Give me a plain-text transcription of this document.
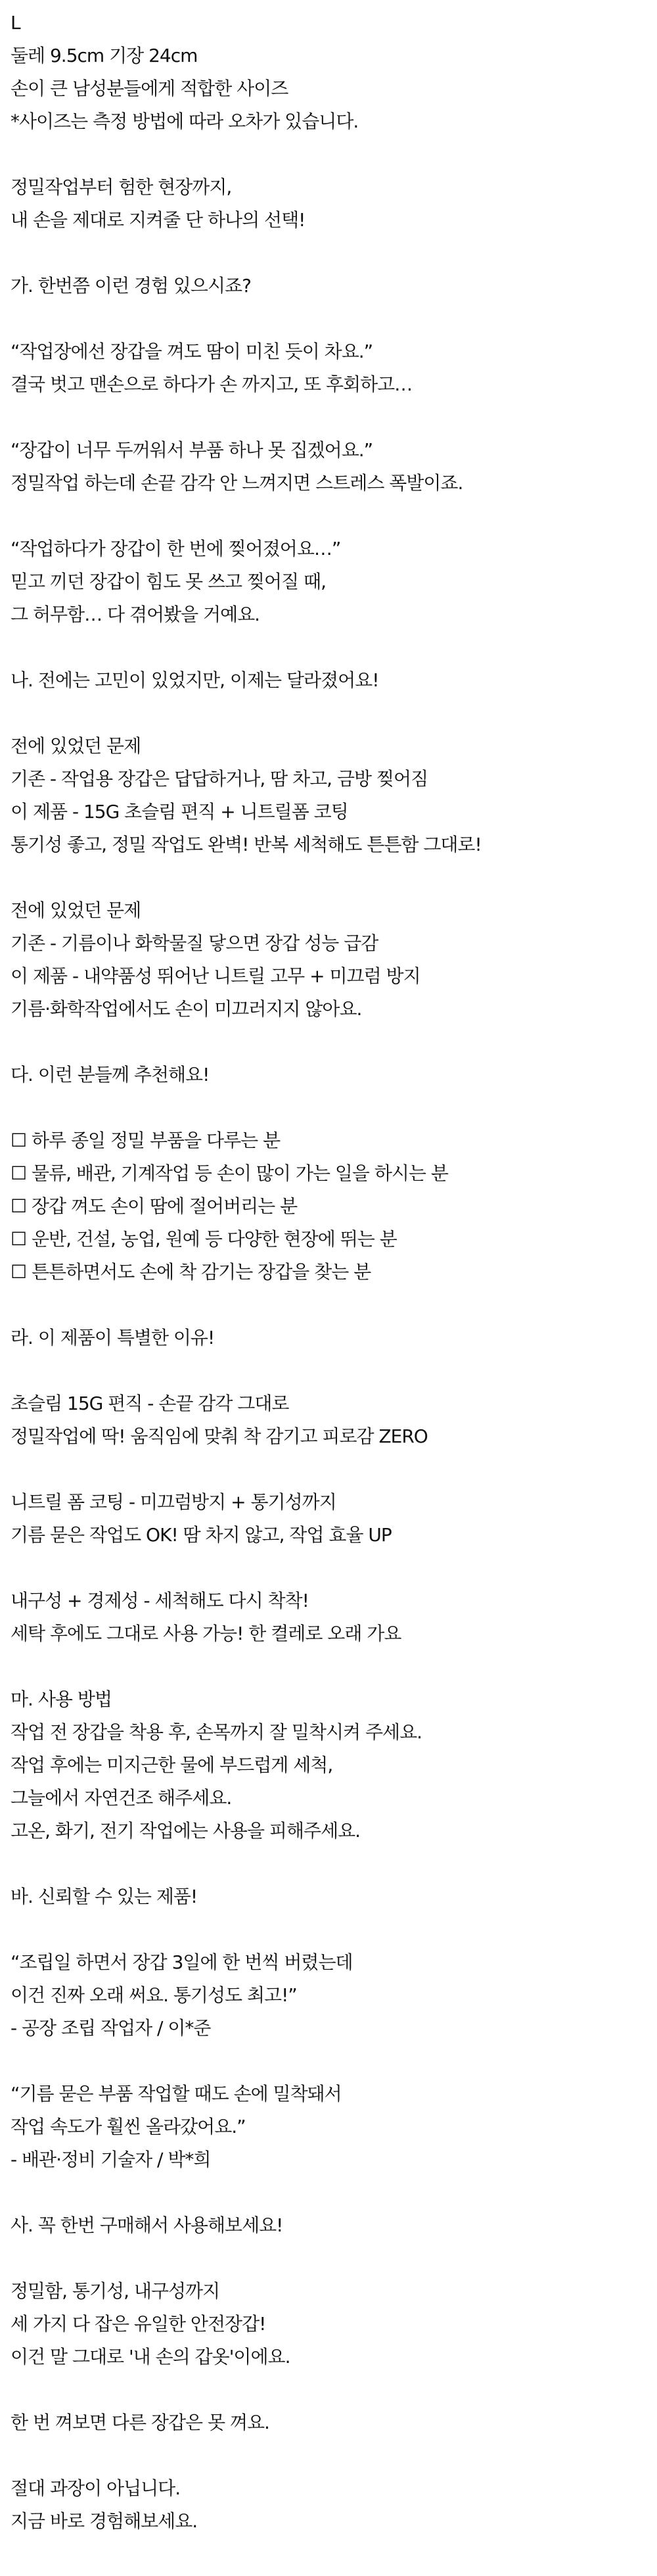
L
둘레 9.5cm 기장 24cm
손이 큰 남성분들에게 적합한 사이즈
*사이즈는 측정 방법에 따라 오차가 있습니다.
정밀작업부터 험한 현장까지,
내 손을 제대로 지켜줄 단 하나의 선택!
가. 한번쯤 이런 경험 있으시죠?
“작업장에선 장갑을 껴도 땀이 미친 듯이 차요.”
결국 벗고 맨손으로 하다가 손 까지고, 또 후회하고…
“장갑이 너무 두꺼워서 부품 하나 못 집겠어요.”
정밀작업 하는데 손끝 감각 안 느껴지면 스트레스 폭발이죠.
“작업하다가 장갑이 한 번에 찢어졌어요…”
믿고 끼던 장갑이 힘도 못 쓰고 찢어질 때,
그 허무함… 다 겪어봤을 거예요.
나. 전에는 고민이 있었지만, 이제는 달라졌어요!
전에 있었던 문제
기존 - 작업용 장갑은 답답하거나, 땀 차고, 금방 찢어짐
이 제품 - 15G 초슬림 편직 + 니트릴폼 코팅
통기성 좋고, 정밀 작업도 완벽! 반복 세척해도 튼튼함 그대로!
전에 있었던 문제
기존 - 기름이나 화학물질 닿으면 장갑 성능 급감
이 제품 - 내약품성 뛰어난 니트릴 고무 + 미끄럼 방지
기름·화학작업에서도 손이 미끄러지지 않아요.
다. 이런 분들께 추천해요!
☐ 하루 종일 정밀 부품을 다루는 분
☐ 물류, 배관, 기계작업 등 손이 많이 가는 일을 하시는 분
☐ 장갑 껴도 손이 땀에 절어버리는 분
☐ 운반, 건설, 농업, 원예 등 다양한 현장에 뛰는 분
☐ 튼튼하면서도 손에 착 감기는 장갑을 찾는 분
라. 이 제품이 특별한 이유!
초슬림 15G 편직 - 손끝 감각 그대로
정밀작업에 딱! 움직임에 맞춰 착 감기고 피로감 ZERO
니트릴 폼 코팅 - 미끄럼방지 + 통기성까지
기름 묻은 작업도 OK! 땀 차지 않고, 작업 효율 UP
내구성 + 경제성 - 세척해도 다시 착착!
세탁 후에도 그대로 사용 가능! 한 켤레로 오래 가요
마. 사용 방법
작업 전 장갑을 착용 후, 손목까지 잘 밀착시켜 주세요.
작업 후에는 미지근한 물에 부드럽게 세척,
그늘에서 자연건조 해주세요.
고온, 화기, 전기 작업에는 사용을 피해주세요.
바. 신뢰할 수 있는 제품!
“조립일 하면서 장갑 3일에 한 번씩 버렸는데
이건 진짜 오래 써요. 통기성도 최고!”
- 공장 조립 작업자 / 이*준
“기름 묻은 부품 작업할 때도 손에 밀착돼서
작업 속도가 훨씬 올라갔어요.”
- 배관·정비 기술자 / 박*희
사. 꼭 한번 구매해서 사용해보세요!
정밀함, 통기성, 내구성까지
세 가지 다 잡은 유일한 안전장갑!
이건 말 그대로 '내 손의 갑옷'이에요.
한 번 껴보면 다른 장갑은 못 껴요.
절대 과장이 아닙니다.
지금 바로 경험해보세요.
